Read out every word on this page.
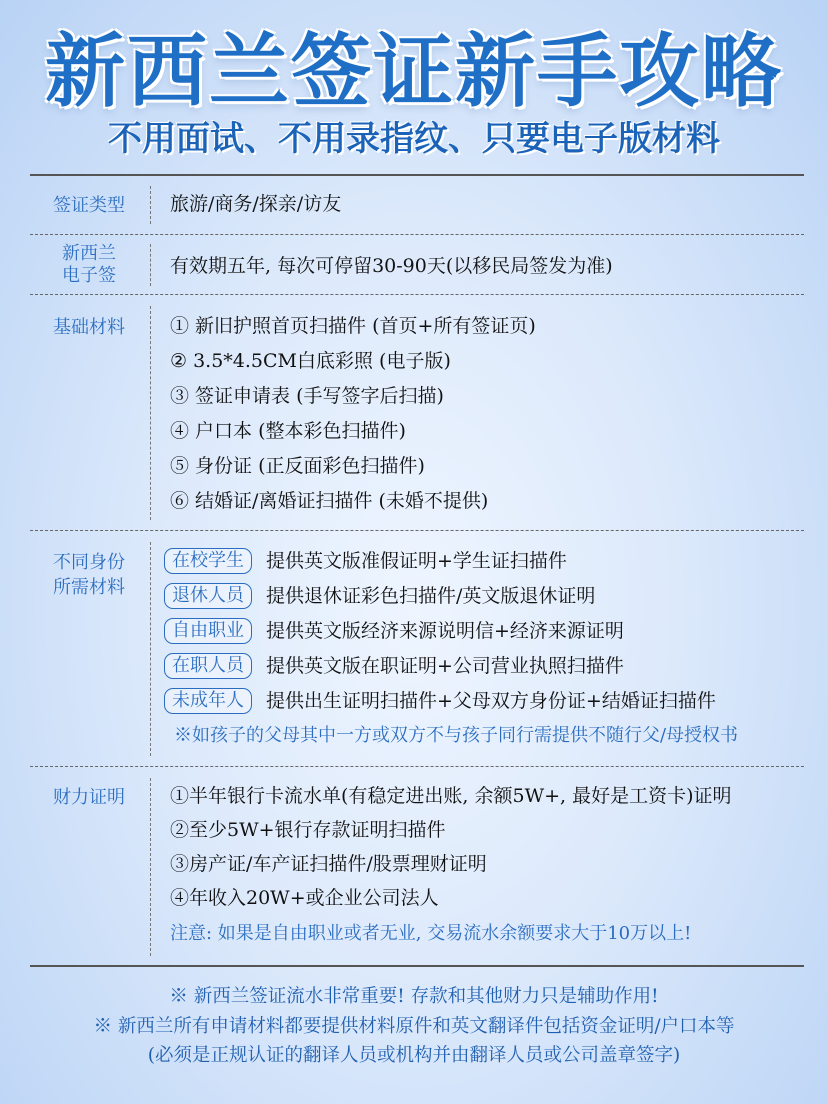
新西兰签证新手攻略
不用面试、不用录指纹、只要电子版材料
签证类型	旅游/商务/探亲/访友
新西兰
电子签	有效期五年, 每次可停留30-90天(以移民局签发为准)
基础材料	① 新旧护照首页扫描件 (首页+所有签证页)
② 3.5*4.5CM白底彩照 (电子版)
③ 签证申请表 (手写签字后扫描)
④ 户口本 (整本彩色扫描件)
⑤ 身份证 (正反面彩色扫描件)
⑥ 结婚证/离婚证扫描件 (未婚不提供)
不同身份
所需材料
在校学生	提供英文版准假证明+学生证扫描件
退休人员	提供退休证彩色扫描件/英文版退休证明
自由职业	提供英文版经济来源说明信+经济来源证明
在职人员	提供英文版在职证明+公司营业执照扫描件
未成年人	提供出生证明扫描件+父母双方身份证+结婚证扫描件
※如孩子的父母其中一方或双方不与孩子同行需提供不随行父/母授权书
财力证明	①半年银行卡流水单(有稳定进出账, 余额5W+, 最好是工资卡)证明
②至少5W+银行存款证明扫描件
③房产证/车产证扫描件/股票理财证明
④年收入20W+或企业公司法人
注意: 如果是自由职业或者无业, 交易流水余额要求大于10万以上!
※ 新西兰签证流水非常重要! 存款和其他财力只是辅助作用!
※ 新西兰所有申请材料都要提供材料原件和英文翻译件包括资金证明/户口本等
(必须是正规认证的翻译人员或机构并由翻译人员或公司盖章签字)
